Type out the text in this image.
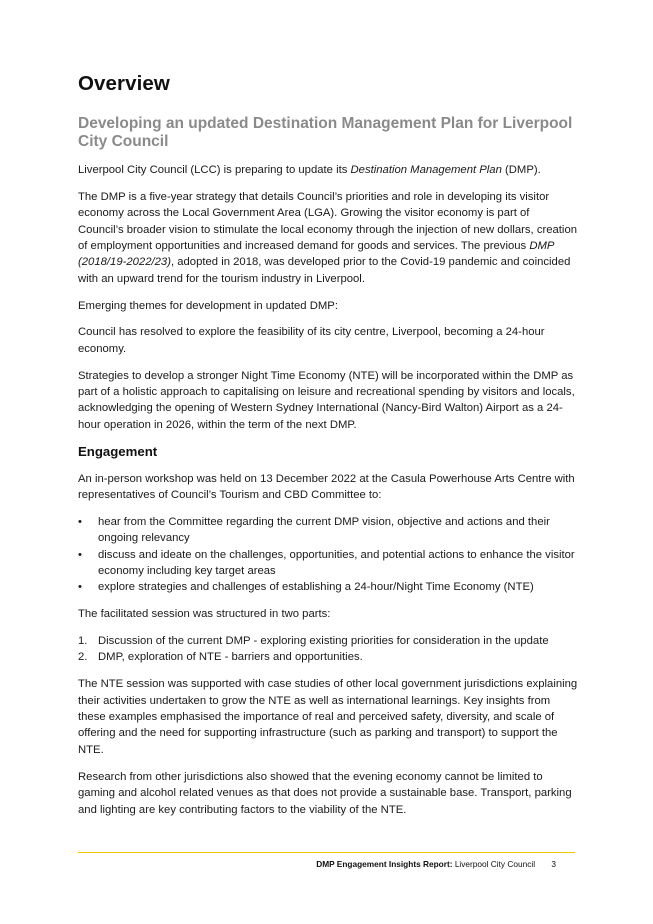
Overview
Developing an updated Destination Management Plan for Liverpool City Council

Liverpool City Council (LCC) is preparing to update its Destination Management Plan (DMP).

The DMP is a five-year strategy that details Council’s priorities and role in developing its visitor economy across the Local Government Area (LGA). Growing the visitor economy is part of Council’s broader vision to stimulate the local economy through the injection of new dollars, creation of employment opportunities and increased demand for goods and services. The previous DMP (2018/19-2022/23), adopted in 2018, was developed prior to the Covid-19 pandemic and coincided with an upward trend for the tourism industry in Liverpool.

Emerging themes for development in updated DMP:

Council has resolved to explore the feasibility of its city centre, Liverpool, becoming a 24-hour economy.

Strategies to develop a stronger Night Time Economy (NTE) will be incorporated within the DMP as part of a holistic approach to capitalising on leisure and recreational spending by visitors and locals, acknowledging the opening of Western Sydney International (Nancy-Bird Walton) Airport as a 24-hour operation in 2026, within the term of the next DMP.

Engagement

An in-person workshop was held on 13 December 2022 at the Casula Powerhouse Arts Centre with representatives of Council’s Tourism and CBD Committee to:

• hear from the Committee regarding the current DMP vision, objective and actions and their ongoing relevancy
• discuss and ideate on the challenges, opportunities, and potential actions to enhance the visitor economy including key target areas
• explore strategies and challenges of establishing a 24-hour/Night Time Economy (NTE)

The facilitated session was structured in two parts:

1. Discussion of the current DMP - exploring existing priorities for consideration in the update
2. DMP, exploration of NTE - barriers and opportunities.

The NTE session was supported with case studies of other local government jurisdictions explaining their activities undertaken to grow the NTE as well as international learnings. Key insights from these examples emphasised the importance of real and perceived safety, diversity, and scale of offering and the need for supporting infrastructure (such as parking and transport) to support the NTE.

Research from other jurisdictions also showed that the evening economy cannot be limited to gaming and alcohol related venues as that does not provide a sustainable base. Transport, parking and lighting are key contributing factors to the viability of the NTE.

DMP Engagement Insights Report: Liverpool City Council 3
